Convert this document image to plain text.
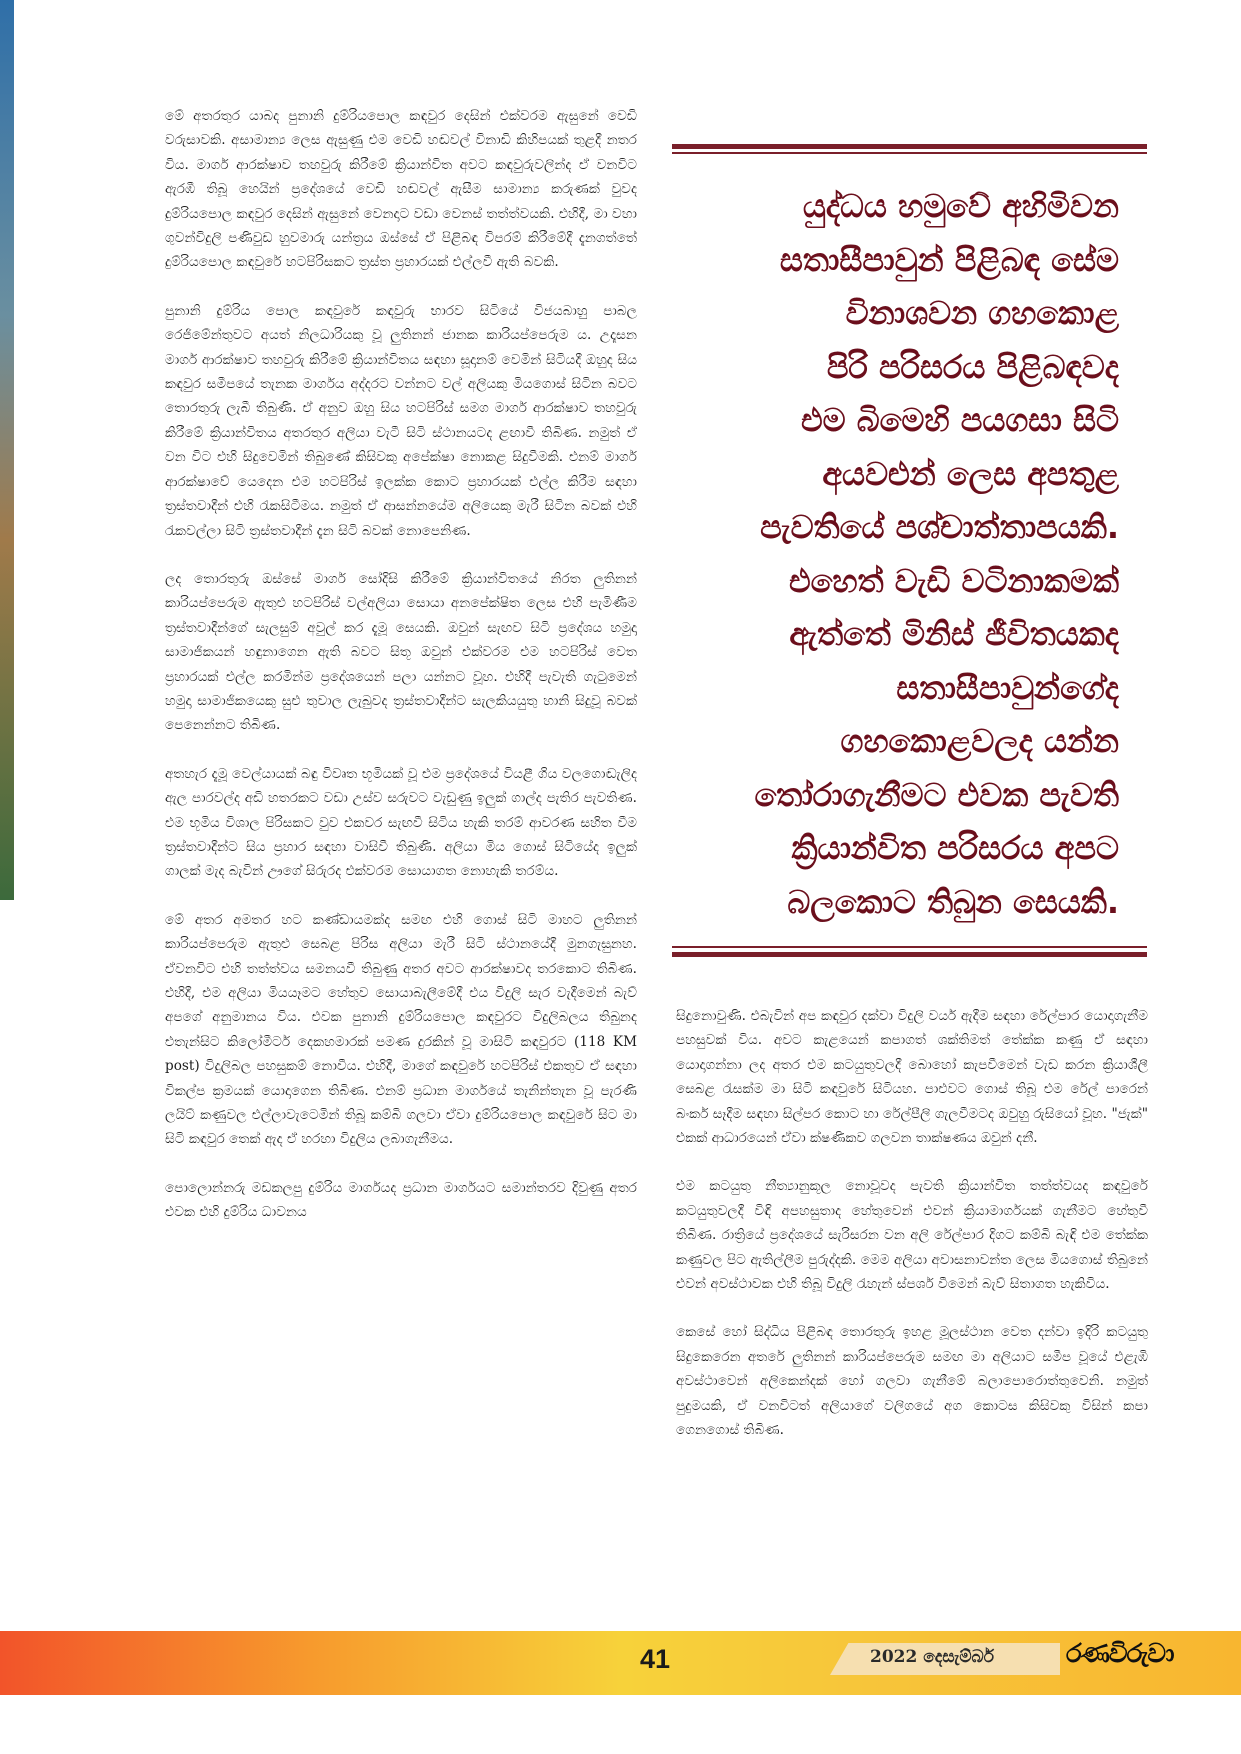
මේ අතරතුර යාබද පුනානි දුම්රියපොල කඳවුර දෙසින් එක්වරම ඇසුනේ වෙඩි වරුසාවකි. අසාමාන්‍ය ලෙස ඇසුණු එම වෙඩි හඬවල් විනාඩි කිහිපයක් තුළදී නතර විය. මාර්ග ආරක්ෂාව තහවුරු කිරීමේ ක්‍රියාන්විත අවට කඳවුරුවලින්ද ඒ වනවිට ඇරඹී තිබූ හෙයින් ප්‍රදේශයේ වෙඩි හඬවල් ඇසීම සාමාන්‍ය කරුණක් වුවද දුම්රියපොල කඳවුර දෙසින් ඇසුනේ වෙනදාට වඩා වෙනස් තත්ත්වයකි. එහිදී, මා වහා ගුවන්විදුලි පණිවුඩ හුවමාරු යන්ත්‍රය ඔස්සේ ඒ පිළිබඳ විපරම් කිරීමේදී දැනගත්තේ දුම්රියපොල කඳවුරේ හටපිරිසකට ත්‍රස්ත ප්‍රහාරයක් එල්ලවී ඇති බවකි.

පුනානි දුම්රිය පොල කඳවුරේ කඳවුරු භාරව සිටියේ විජයබාහු පාබල රෙජිමේන්තුවට අයත් නිලධාරියකු වූ ලුතිනන් ජානක කාරියප්පෙරුම ය. උදෑසන මාර්ග ආරක්ෂාව තහවුරු කිරීමේ ක්‍රියාන්විතය සඳහා සූදානම් වෙමින් සිටියදී ඔහුද සිය කඳවුර සමීපයේ තැනක මාර්ගය අද්දරට වන්නට වල් අලියකු මියගොස් සිටින බවට තොරතුරු ලැබී තිබුණි. ඒ අනුව ඔහු සිය හටපිරිස් සමග මාර්ග ආරක්ෂාව තහවුරු කිරීමේ ක්‍රියාන්විතය අතරතුර අලියා වැටී සිටි ස්ථානයටද ළඟාවී තිබිණ. නමුත් ඒ වන විට එහි සිදුවෙමින් තිබුණේ කිසිවකු අපේක්ෂා නොකළ සිදුවීමකි. එනම් මාර්ග ආරක්ෂාවේ යෙදෙන එම හටපිරිස් ඉලක්ක කොට ප්‍රහාරයක් එල්ල කිරීම සඳහා ත්‍රස්තවාදීන් එහි රැකසිටීමය. නමුත් ඒ ආසන්නයේම අලියෙකු මැරී සිටින බවක් එහි රැකවල්ලා සිටි ත්‍රස්තවාදීන් දැන සිටි බවක් නොපෙනිණ.

ලද තොරතුරු ඔස්සේ මාර්ග සෝදිසි කිරීමේ ක්‍රියාන්විතයේ නිරත ලුතිනන් කාරියප්පෙරුම ඇතුළු හටපිරිස් වල්අලියා සොයා අනපේක්ෂිත ලෙස එහි පැමිණීම ත්‍රස්තවාදීන්ගේ සැලසුම් අවුල් කර දැමූ සෙයකි. ඔවුන් සැඟව සිටි ප්‍රදේශය හමුදා සාමාජිකයන් හඳුනාගෙන ඇති බවට සිතූ ඔවුන් එක්වරම එම හටපිරිස් වෙත ප්‍රහාරයක් එල්ල කරමින්ම ප්‍රදේශයෙන් පලා යන්නට වූහ. එහිදී පැවැති ගැටුමෙන් හමුදා සාමාජිකයෙකු සුළු තුවාල ලැබුවද ත්‍රස්තවාදීන්ට සැලකියයුතු හානි සිදුවූ බවක් පෙනෙන්නට තිබිණ.

අතහැර දැමූ වෙල්යායක් බඳු විවෘත භූමියක් වූ එම ප්‍රදේශයේ වියළී ගිය වලගොඬැලිද ඇල පාරවල්ද අඩි හතරකට වඩා උස්ව සරුවට වැඩුණු ඉලුක් ගාල්ද පැතිර පැවතිණ. එම භූමිය විශාල පිරිසකට වුව එකවර සැඟවී සිටිය හැකි තරම් ආවරණ සහිත වීම ත්‍රස්තවාදීන්ට සිය ප්‍රහාර සඳහා වාසිවී තිබුණි. අලියා මිය ගොස් සිටියේද ඉලුක් ගාලක් මැද බැවින් ඌගේ සිරුරද එක්වරම සොයාගත නොහැකි තරම්ය.

මේ අතර අමතර හට කණ්ඩායමක්ද සමඟ එහි ගොස් සිටි මාහට ලුතිනන් කාරියප්පෙරුම ඇතුළු සෙබළ පිරිස අලියා මැරී සිටි ස්ථානයේදී මුනගැසුනහ. ඒවනවිට එහි තත්ත්වය සමනයවී තිබුණු අතර අවට ආරක්ෂාවද තරකොට තිබිණ. එහිදී, එම අලියා මියයෑමට හේතුව සොයාබැලීමේදී එය විදුලි සැර වැදීමෙන් බැව් අපගේ අනුමානය විය. එවක පුනානි දුම්රියපොල කඳවුරට විදුලිබලය තිබුනද එතැන්සිට කිලෝමීටර් දෙකහමාරක් පමණ දුරකින් වූ මාසිටි කඳවුරට (118 KM post) විදුලිබල පහසුකම් නොවීය. එහිදී, මාගේ කඳවුරේ හටපිරිස් එකතුව ඒ සඳහා විකල්ප ක්‍රමයක් යොදාගෙන තිබිණ. එනම් ප්‍රධාන මාර්ගයේ තැනින්තැන වූ පැරණි ලයිට් කණුවල එල්ලාවැටෙමින් තිබූ කම්බි ගලවා ඒවා දුම්රියපොල කඳවුරේ සිට මා සිටි කඳවුර තෙක් ඇද ඒ හරහා විදුලිය ලබාගැනීමය.

පොලොන්නරු මඩකලපු දුම්රිය මාර්ගයද ප්‍රධාන මාර්ගයට සමාන්තරව දිවුණු අතර එවක එහි දුම්රිය ධාවනය

යුද්ධය හමුවේ අහිමිවන
සතාසීපාවුන් පිළිබඳ සේම
විනාශවන ගහකොළ
පිරි පරිසරය පිළිබඳවද
එම බිමෙහි පයගසා සිටි
අයවළුන් ලෙස අපතුළ
පැවතියේ පශ්චාත්තාපයකි.
එහෙත් වැඩි වටිනාකමක්
ඇත්තේ මිනිස් ජීවිතයකද
සතාසීපාවුන්ගේද
ගහකොළවලද යන්න
තෝරාගැනීමට එවක පැවති
ක්‍රියාන්විත පරිසරය අපට
බලකොට තිබුන සෙයකි.

සිදුනොවුණි. එබැවින් අප කඳවුර දක්වා විදුලි වයර් ඇදීම සඳහා රේල්පාර යොදාගැනීම පහසුවක් විය. අවට කැළයෙන් කපාගත් ශක්තිමත් තේක්ක කණු ඒ සඳහා යොදාගන්නා ලද අතර එම කටයුතුවලදී බොහෝ කැපවීමෙන් වැඩ කරන ක්‍රියාශීලී සෙබළ රැසක්ම මා සිටි කඳවුරේ සිටියහ. පාළුවට ගොස් තිබූ එම රේල් පාරෙන් බංකර් සෑදීම සඳහා සිල්පර කොට හා රේල්පීලි ගැලවීමටද ඔවුහු රුසියෝ වූහ. "ජැක්" එකක් ආධාරයෙන් ඒවා ක්ෂණිකව ගලවන තාක්ෂණය ඔවුන් දනී.

එම කටයුතු නීත්‍යානුකූල නොවූවද පැවති ක්‍රියාන්විත තත්ත්වයද කඳවුරේ කටයුතුවලදී විඳි අපහසුතාද හේතුවෙන් එවන් ක්‍රියාමාර්ගයක් ගැනීමට හේතුවී තිබිණ. රාත්‍රියේ ප්‍රදේශයේ සැරිසරන වන අලි රේල්පාර දිගට කම්බි බැඳි එම තේක්ක කණුවල පිට ඇතිල්ලීම පුරුද්දකි. මෙම අලියා අවාසනාවන්ත ලෙස මියගොස් තිබුනේ එවන් අවස්ථාවක එහි තිබූ විදුලි රැහැන් ස්පර්ශ වීමෙන් බැව් සිතාගත හැකිවිය.

කෙසේ හෝ සිද්ධිය පිළිබඳ තොරතුරු ඉහළ මූලස්ථාන වෙත දන්වා ඉදිරි කටයුතු සිදුකෙරෙන අතරේ ලුතිනන් කාරියප්පෙරුම සමඟ මා අලියාට සමීප වූයේ එළැඹි අවස්ථාවෙන් අලිකෙන්දක් හෝ ගලවා ගැනීමේ බලාපොරොත්තුවෙනි. නමුත් පුදුමයකි, ඒ වනවිටත් අලියාගේ වලිගයේ අග කොටස කිසිවකු විසින් කපා ගෙනගොස් තිබිණ.

41	2022 දෙසැම්බර්	රණවිරුවා
